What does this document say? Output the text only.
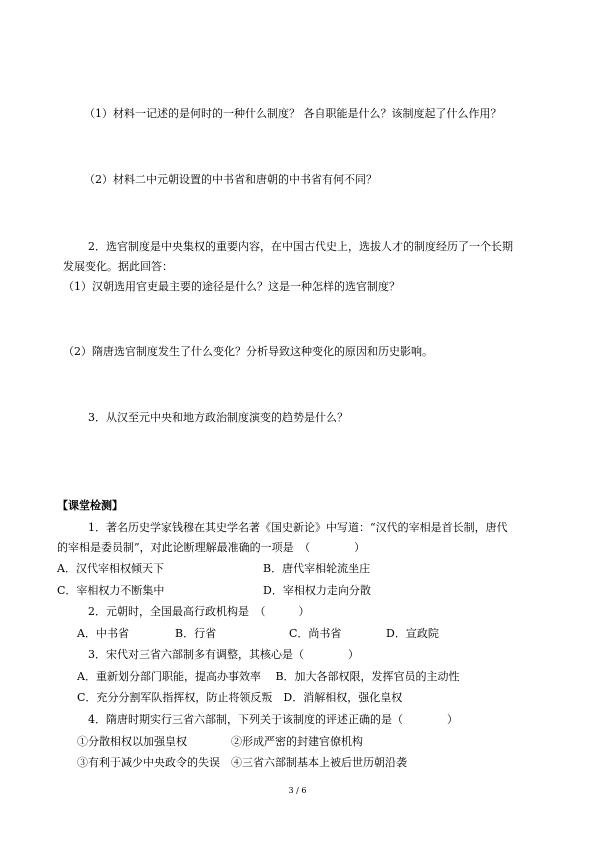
（1）材料一记述的是何时的一种什么制度？ 各自职能是什么？该制度起了什么作用？
（2）材料二中元朝设置的中书省和唐朝的中书省有何不同？
2．选官制度是中央集权的重要内容，在中国古代史上，选拔人才的制度经历了一个长期
发展变化。据此回答：
（1）汉朝选用官吏最主要的途径是什么？这是一种怎样的选官制度？
（2）隋唐选官制度发生了什么变化？分析导致这种变化的原因和历史影响。
3．从汉至元中央和地方政治制度演变的趋势是什么？
【课堂检测】
1．著名历史学家钱穆在其史学名著《国史新论》中写道：“汉代的宰相是首长制，唐代
的宰相是委员制”，对此论断理解最准确的一项是　（　　　　）
A．汉代宰相权倾天下	B．唐代宰相轮流坐庄
C．宰相权力不断集中	D．宰相权力走向分散
2．元朝时，全国最高行政机构是　（　　　）
A．中书省	B．行省	C．尚书省	D．宣政院
3．宋代对三省六部制多有调整，其核心是（　　　　）
A．重新划分部门职能，提高办事效率　 B．加大各部权限，发挥官员的主动性
C．充分分割军队指挥权，防止将领反叛　D．消解相权，强化皇权
4．隋唐时期实行三省六部制，下列关于该制度的评述正确的是（　　　　）
①分散相权以加强皇权　　　　②形成严密的封建官僚机构
③有利于减少中央政令的失误　④三省六部制基本上被后世历朝沿袭
3 / 6
